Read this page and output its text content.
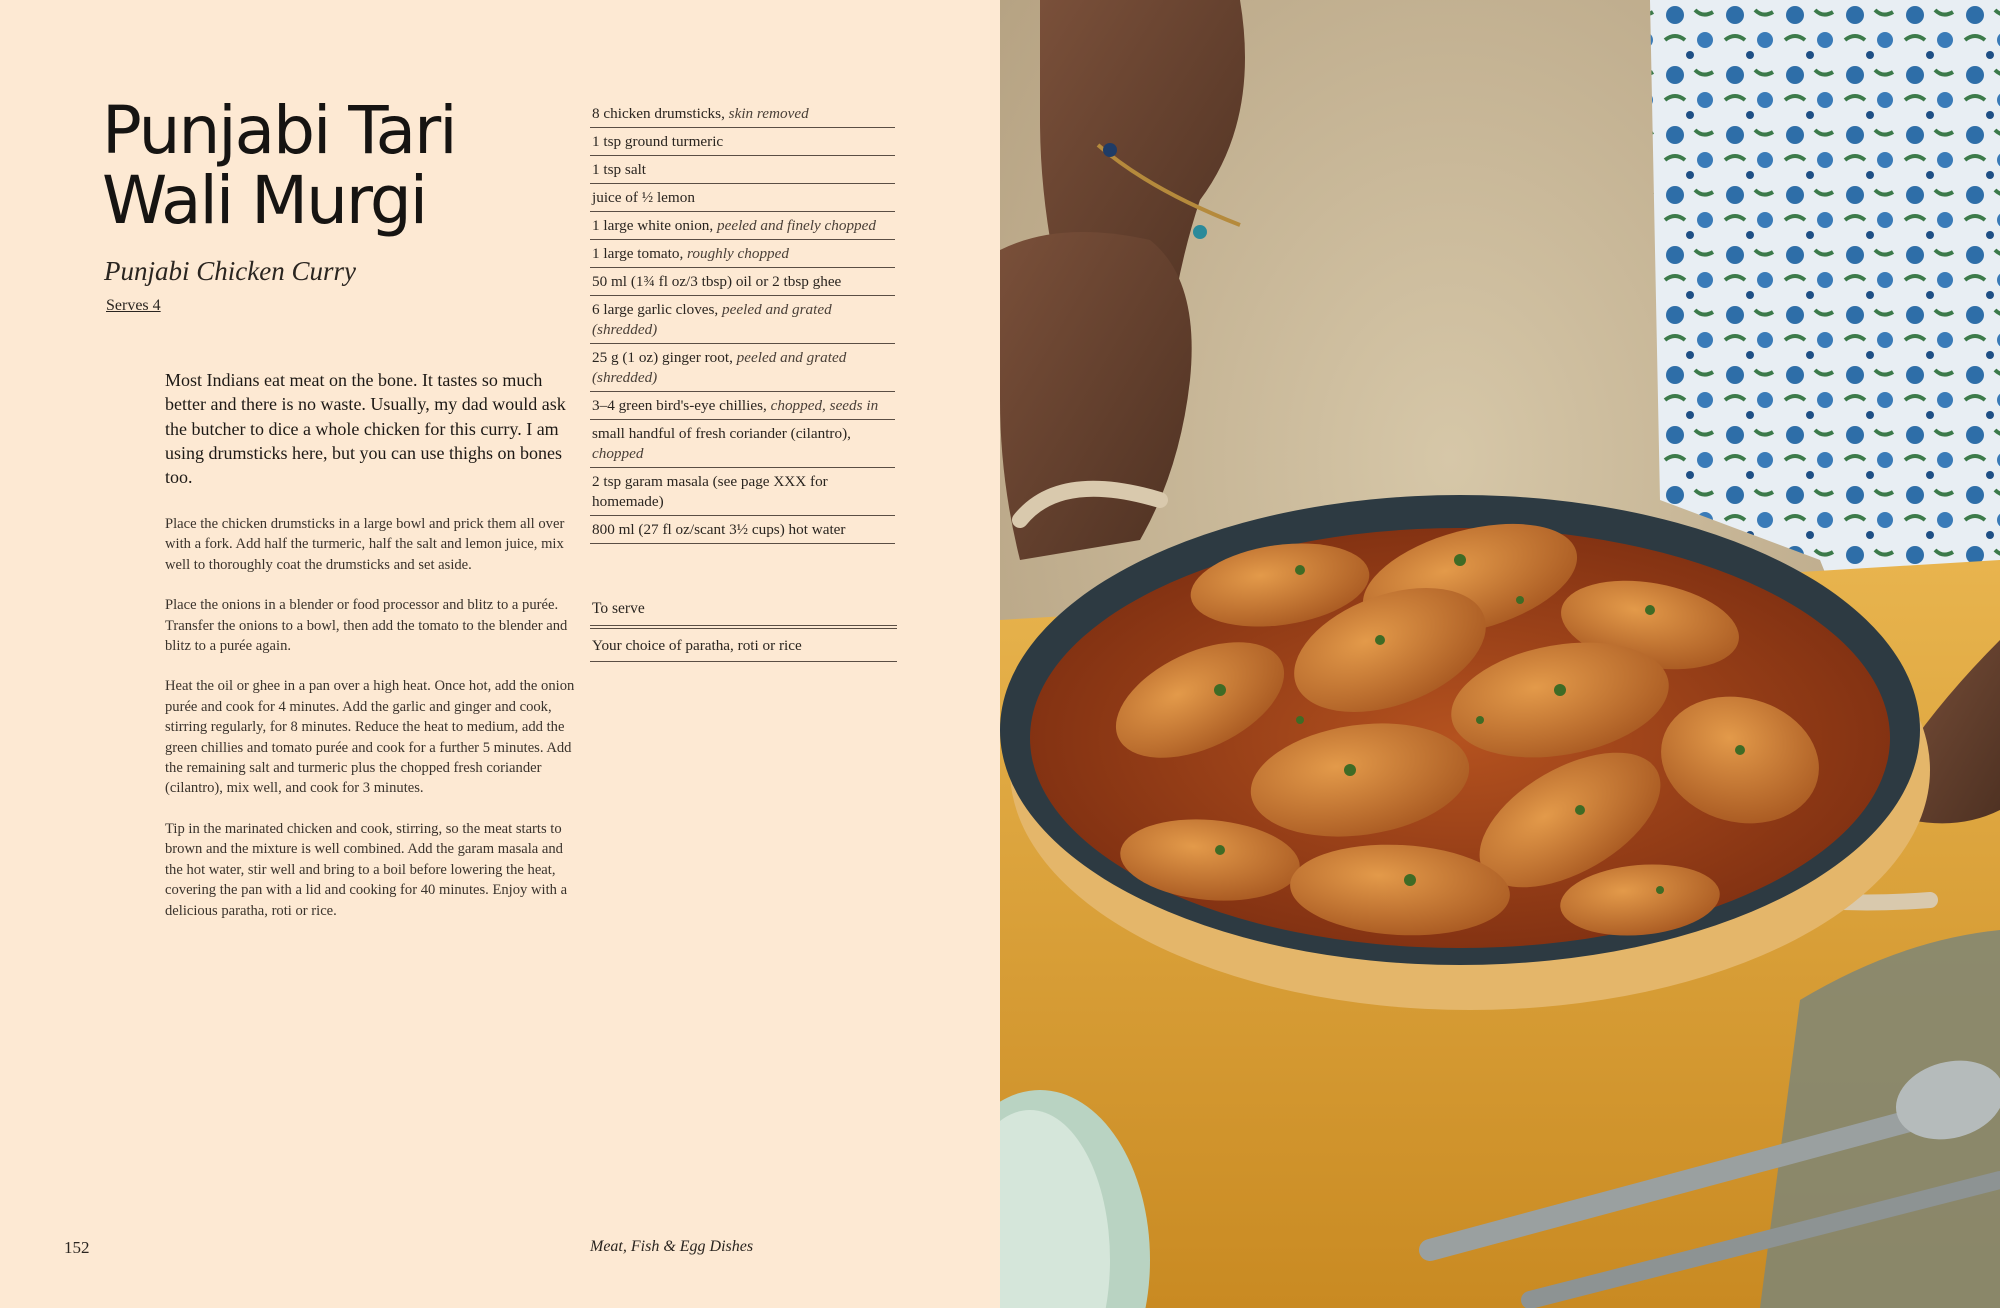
Punjabi Tari
Wali Murgi
Punjabi Chicken Curry
Serves 4

Most Indians eat meat on the bone. It tastes so much better and there is no waste. Usually, my dad would ask the butcher to dice a whole chicken for this curry. I am using drumsticks here, but you can use thighs on bones too.

Place the chicken drumsticks in a large bowl and prick them all over with a fork. Add half the turmeric, half the salt and lemon juice, mix well to thoroughly coat the drumsticks and set aside.

Place the onions in a blender or food processor and blitz to a purée. Transfer the onions to a bowl, then add the tomato to the blender and blitz to a purée again.

Heat the oil or ghee in a pan over a high heat. Once hot, add the onion purée and cook for 4 minutes. Add the garlic and ginger and cook, stirring regularly, for 8 minutes. Reduce the heat to medium, add the green chillies and tomato purée and cook for a further 5 minutes. Add the remaining salt and turmeric plus the chopped fresh coriander (cilantro), mix well, and cook for 3 minutes.

Tip in the marinated chicken and cook, stirring, so the meat starts to brown and the mixture is well combined. Add the garam masala and the hot water, stir well and bring to a boil before lowering the heat, covering the pan with a lid and cooking for 40 minutes. Enjoy with a delicious paratha, roti or rice.

8 chicken drumsticks, skin removed
1 tsp ground turmeric
1 tsp salt
juice of ½ lemon
1 large white onion, peeled and finely chopped
1 large tomato, roughly chopped
50 ml (1¾ fl oz/3 tbsp) oil or 2 tbsp ghee
6 large garlic cloves, peeled and grated (shredded)
25 g (1 oz) ginger root, peeled and grated (shredded)
3–4 green bird's-eye chillies, chopped, seeds in
small handful of fresh coriander (cilantro), chopped
2 tsp garam masala (see page XXX for homemade)
800 ml (27 fl oz/scant 3½ cups) hot water
To serve
Your choice of paratha, roti or rice
152	Meat, Fish & Egg Dishes
